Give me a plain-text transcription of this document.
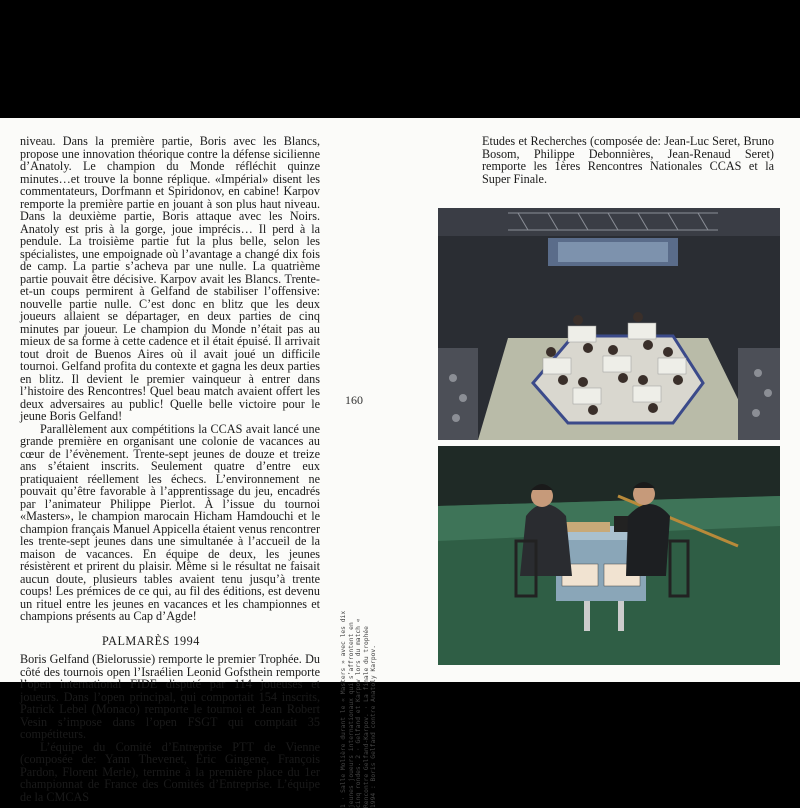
niveau. Dans la première partie, Boris avec les Blancs, propose une innovation théorique contre la défense sicilienne d’Anatoly. Le champion du Monde réfléchit quinze minutes…et trouve la bonne réplique. «Impérial» disent les commentateurs, Dorfmann et Spiridonov, en cabine! Karpov remporte la première partie en jouant à son plus haut niveau. Dans la deuxième partie, Boris attaque avec les Noirs. Anatoly est pris à la gorge, joue imprécis… Il perd à la pendule. La troisième partie fut la plus belle, selon les spécialistes, une empoignade où l’avantage a changé dix fois de camp. La partie s’acheva par une nulle. La quatrième partie pouvait être décisive. Karpov avait les Blancs. Trente-et-un coups permirent à Gelfand de stabiliser l’offensive: nouvelle partie nulle. C’est donc en blitz que les deux joueurs allaient se départager, en deux parties de cinq minutes par joueur. Le champion du Monde n’était pas au mieux de sa forme à cette cadence et il était épuisé. Il arrivait tout droit de Buenos Aires où il avait joué un difficile tournoi. Gelfand profita du contexte et gagna les deux parties en blitz. Il devient le premier vainqueur à entrer dans l’histoire des Rencontres! Quel beau match avaient offert les deux adversaires au public! Quelle belle victoire pour le jeune Boris Gelfand!

Parallèlement aux compétitions la CCAS avait lancé une grande première en organisant une colonie de vacances au cœur de l’évènement. Trente-sept jeunes de douze et treize ans s’étaient inscrits. Seulement quatre d’entre eux pratiquaient réellement les échecs. L’environnement ne pouvait qu’être favorable à l’apprentissage du jeu, encadrés par l’animateur Philippe Pierlot. À l’issue du tournoi «Masters», le champion marocain Hicham Hamdouchi et le champion français Manuel Appicella étaient venus rencontrer les trente-sept jeunes dans une simultanée à l’accueil de la maison de vacances. En équipe de deux, les jeunes résistèrent et prirent du plaisir. Même si le résultat ne faisait aucun doute, plusieurs tables avaient tenu jusqu’à trente coups! Les prémices de ce qui, au fil des éditions, est devenu un rituel entre les jeunes en vacances et les championnes et champions présents au Cap d’Agde!

PALMARÈS 1994

Boris Gelfand (Bielorussie) remporte le premier Trophée. Du côté des tournois open l’Israélien Leonid Gofsthein remporte l’open international FIDE disputé par 114 joueuses et joueurs. Dans l’open principal, qui comportait 154 inscrits, Patrick Lebel (Monaco) remporte le tournoi et Jean Robert Vesin s’impose dans l’open FSGT qui comptait 35 compétiteurs.

L’équipe du Comité d’Entreprise PTT de Vienne (composée de: Yann Thevenet, Eric Gingene, François Pardon, Florent Merle), termine à la première place du 1er championnat de France des Comités d’Entreprise. L’équipe de la CMCAS

160
1 · Salle Molière durant le « Masters » avec les dix jeunes joueurs internationaux qui s’affrontent en cinq rondes. 2 · Gelfand et Karpov lors du match « Rencontre Gelfand-Karpov. · La finale du trophée 1994 : Boris Gelfand contre Anatoly Karpov.

Etudes et Recherches (composée de: Jean-Luc Seret, Bruno Bosom, Philippe Debonnières, Jean-Renaud Seret) remporte les 1ères Rencontres Nationales CCAS et la Super Finale.
